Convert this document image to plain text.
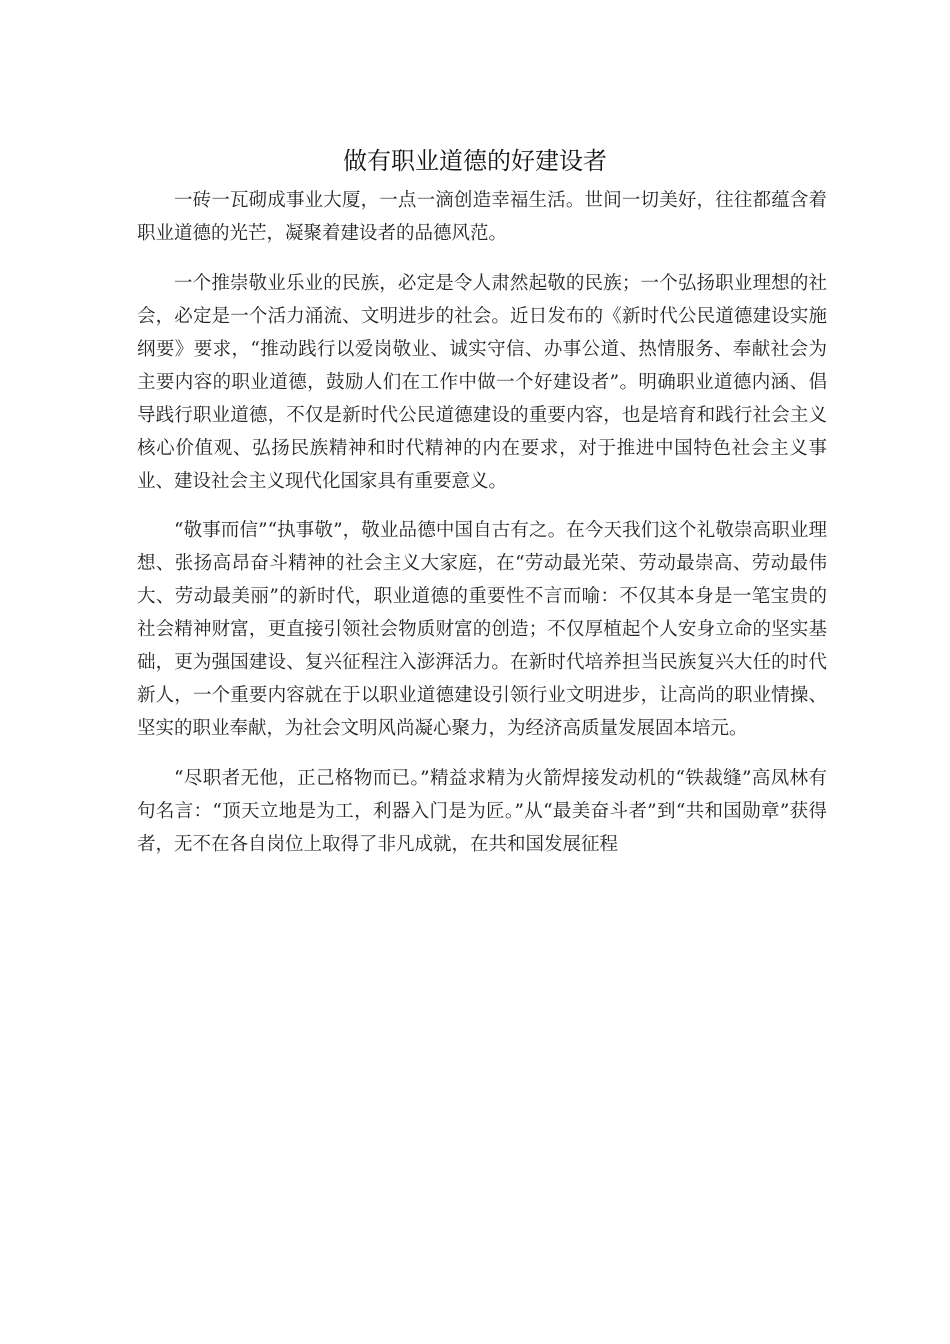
做有职业道德的好建设者

一砖一瓦砌成事业大厦，一点一滴创造幸福生活。世间一切美好，往往都蕴含着职业道德的光芒，凝聚着建设者的品德风范。

一个推崇敬业乐业的民族，必定是令人肃然起敬的民族；一个弘扬职业理想的社会，必定是一个活力涌流、文明进步的社会。近日发布的《新时代公民道德建设实施纲要》要求，“推动践行以爱岗敬业、诚实守信、办事公道、热情服务、奉献社会为主要内容的职业道德，鼓励人们在工作中做一个好建设者”。明确职业道德内涵、倡导践行职业道德，不仅是新时代公民道德建设的重要内容，也是培育和践行社会主义核心价值观、弘扬民族精神和时代精神的内在要求，对于推进中国特色社会主义事业、建设社会主义现代化国家具有重要意义。

“敬事而信”“执事敬”，敬业品德中国自古有之。在今天我们这个礼敬崇高职业理想、张扬高昂奋斗精神的社会主义大家庭，在“劳动最光荣、劳动最崇高、劳动最伟大、劳动最美丽”的新时代，职业道德的重要性不言而喻：不仅其本身是一笔宝贵的社会精神财富，更直接引领社会物质财富的创造；不仅厚植起个人安身立命的坚实基础，更为强国建设、复兴征程注入澎湃活力。在新时代培养担当民族复兴大任的时代新人，一个重要内容就在于以职业道德建设引领行业文明进步，让高尚的职业情操、坚实的职业奉献，为社会文明风尚凝心聚力，为经济高质量发展固本培元。

“尽职者无他，正己格物而已。”精益求精为火箭焊接发动机的“铁裁缝”高凤林有句名言：“顶天立地是为工，利器入门是为匠。”从“最美奋斗者”到“共和国勋章”获得者，无不在各自岗位上取得了非凡成就，在共和国发展征程
